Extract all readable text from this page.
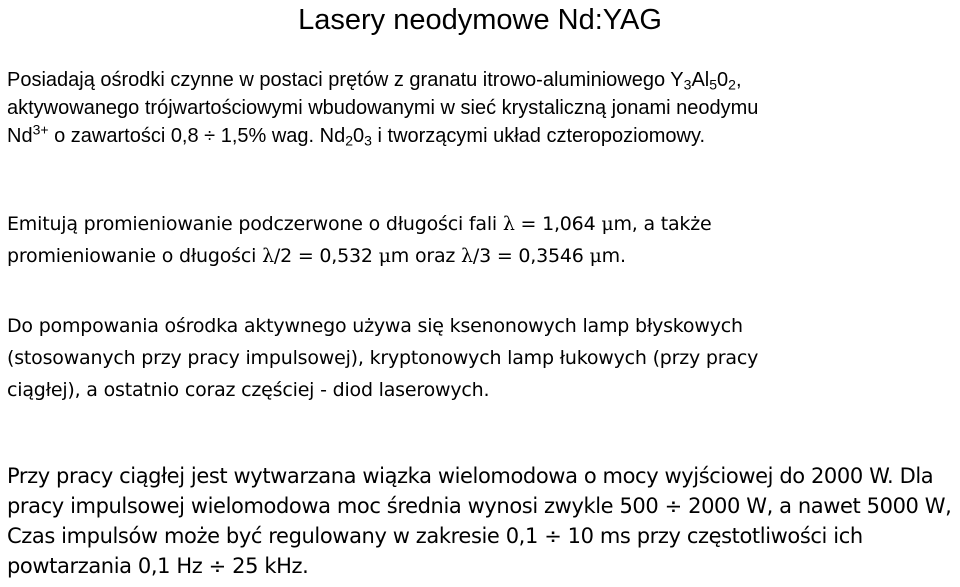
Lasery neodymowe Nd:YAG
Posiadają ośrodki czynne w postaci prętów z granatu itrowo-aluminiowego $Y_3Al_50_2$,
aktywowanego trójwartościowymi wbudowanymi w sieć krystaliczną jonami neodymu
$Nd^{3+}$ o zawartości 0,8 ÷ 1,5% wag. $Nd_20_3$ i tworzącymi układ czteropoziomowy.
Emitują promieniowanie podczerwone o długości fali λ = 1,064 μm, a także
promieniowanie o długości λ/2 = 0,532 μm oraz λ/3 = 0,3546 μm.
Do pompowania ośrodka aktywnego używa się ksenonowych lamp błyskowych
(stosowanych przy pracy impulsowej), kryptonowych lamp łukowych (przy pracy
ciągłej), a ostatnio coraz częściej - diod laserowych.
Przy pracy ciągłej jest wytwarzana wiązka wielomodowa o mocy wyjściowej do 2000 W. Dla
pracy impulsowej wielomodowa moc średnia wynosi zwykle 500 ÷ 2000 W, a nawet 5000 W,
Czas impulsów może być regulowany w zakresie 0,1 ÷ 10 ms przy częstotliwości ich
powtarzania 0,1 Hz ÷ 25 kHz.
